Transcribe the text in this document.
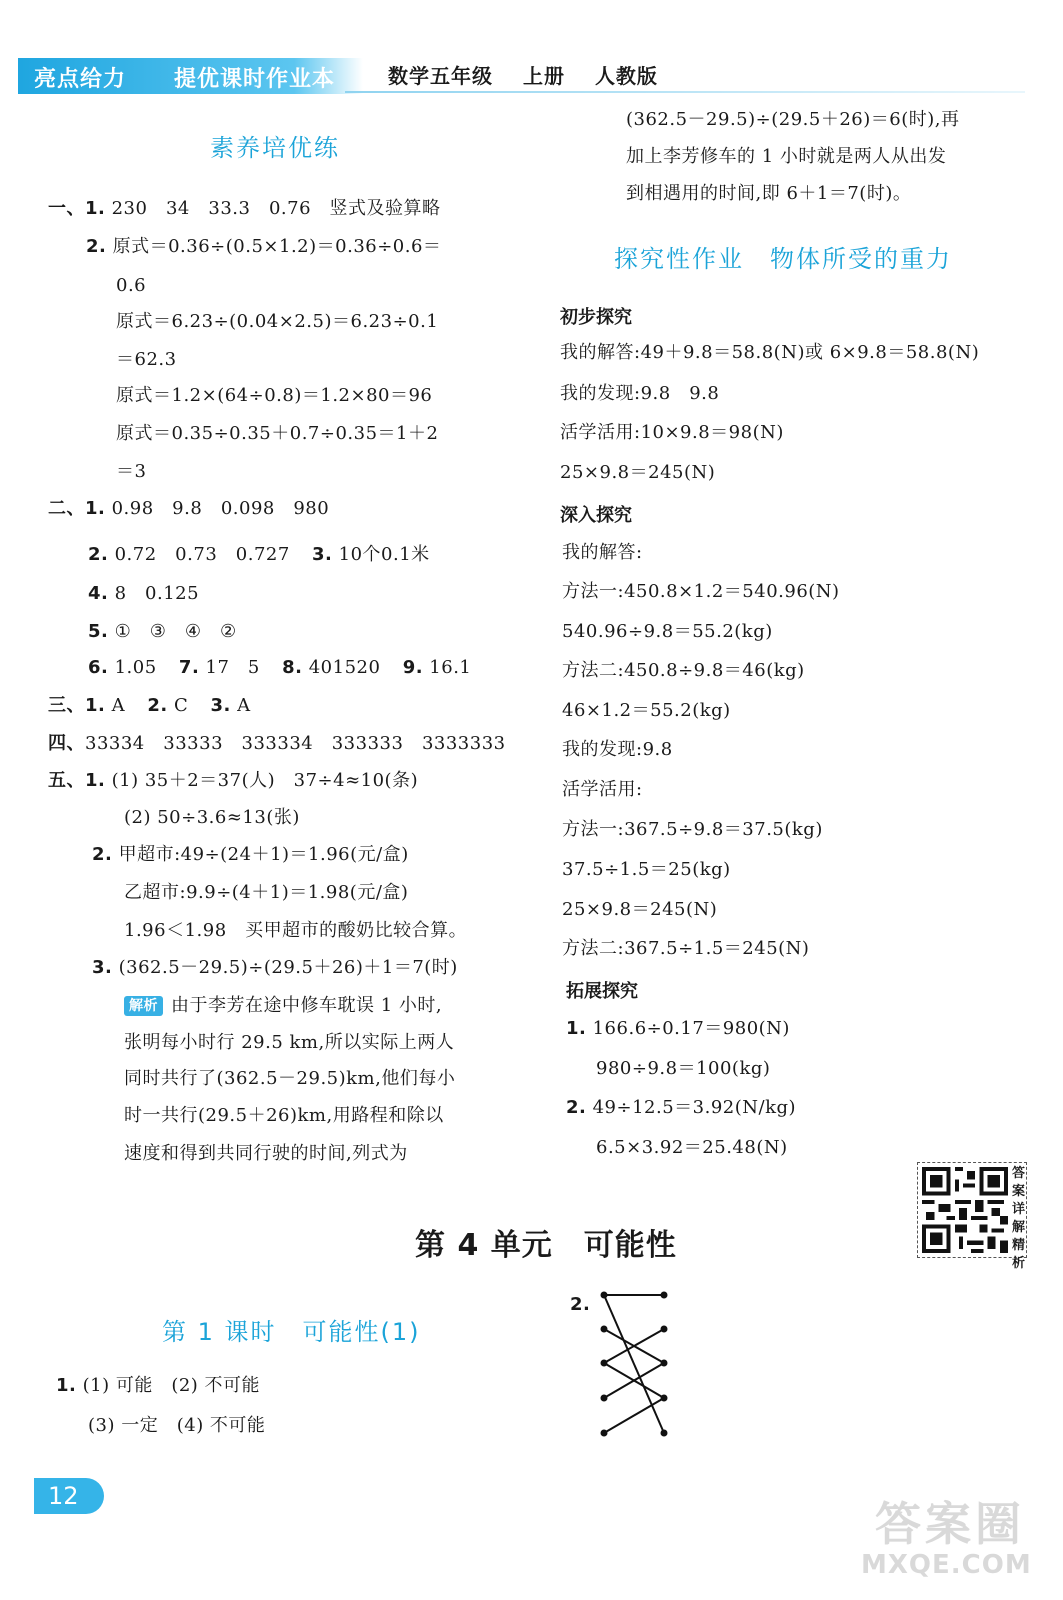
亮点给力 提优课时作业本	数学五年级 上册 人教版
素养培优练
一、1. 230　34　33.3　0.76　竖式及验算略
2. 原式＝0.36÷(0.5×1.2)＝0.36÷0.6＝
0.6
原式＝6.23÷(0.04×2.5)＝6.23÷0.1
＝62.3
原式＝1.2×(64÷0.8)＝1.2×80＝96
原式＝0.35÷0.35＋0.7÷0.35＝1＋2
＝3
二、1. 0.98　9.8　0.098　980
2. 0.72　0.73　0.727 3. 10个0.1米
4. 8　0.125
5. ①　③　④　②
6. 1.05 7. 17　5 8. 401520 9. 16.1
三、1. A 2. C 3. A
四、33334　33333　333334　333333　3333333
五、1. (1) 35＋2＝37(人)　37÷4≈10(条)
(2) 50÷3.6≈13(张)
2. 甲超市:49÷(24＋1)＝1.96(元/盒)
乙超市:9.9÷(4＋1)＝1.98(元/盒)
1.96＜1.98　买甲超市的酸奶比较合算。
3. (362.5－29.5)÷(29.5＋26)＋1＝7(时)
解析 由于李芳在途中修车耽误 1 小时,
张明每小时行 29.5 km,所以实际上两人
同时共行了(362.5－29.5)km,他们每小
时一共行(29.5＋26)km,用路程和除以
速度和得到共同行驶的时间,列式为
(362.5－29.5)÷(29.5＋26)＝6(时),再
加上李芳修车的 1 小时就是两人从出发
到相遇用的时间,即 6＋1＝7(时)。
探究性作业　物体所受的重力
初步探究
我的解答:49＋9.8＝58.8(N)或 6×9.8＝58.8(N)
我的发现:9.8　9.8
活学活用:10×9.8＝98(N)
25×9.8＝245(N)
深入探究
我的解答:
方法一:450.8×1.2＝540.96(N)
540.96÷9.8＝55.2(kg)
方法二:450.8÷9.8＝46(kg)
46×1.2＝55.2(kg)
我的发现:9.8
活学活用:
方法一:367.5÷9.8＝37.5(kg)
37.5÷1.5＝25(kg)
25×9.8＝245(N)
方法二:367.5÷1.5＝245(N)
拓展探究
1. 166.6÷0.17＝980(N)
980÷9.8＝100(kg)
2. 49÷12.5＝3.92(N/kg)
6.5×3.92＝25.48(N)
答案详解精析
第 4 单元　可能性
第 1 课时　可能性(1)
1. (1) 可能　(2) 不可能
(3) 一定　(4) 不可能
2.
12
答案圈
MXQE.COM
